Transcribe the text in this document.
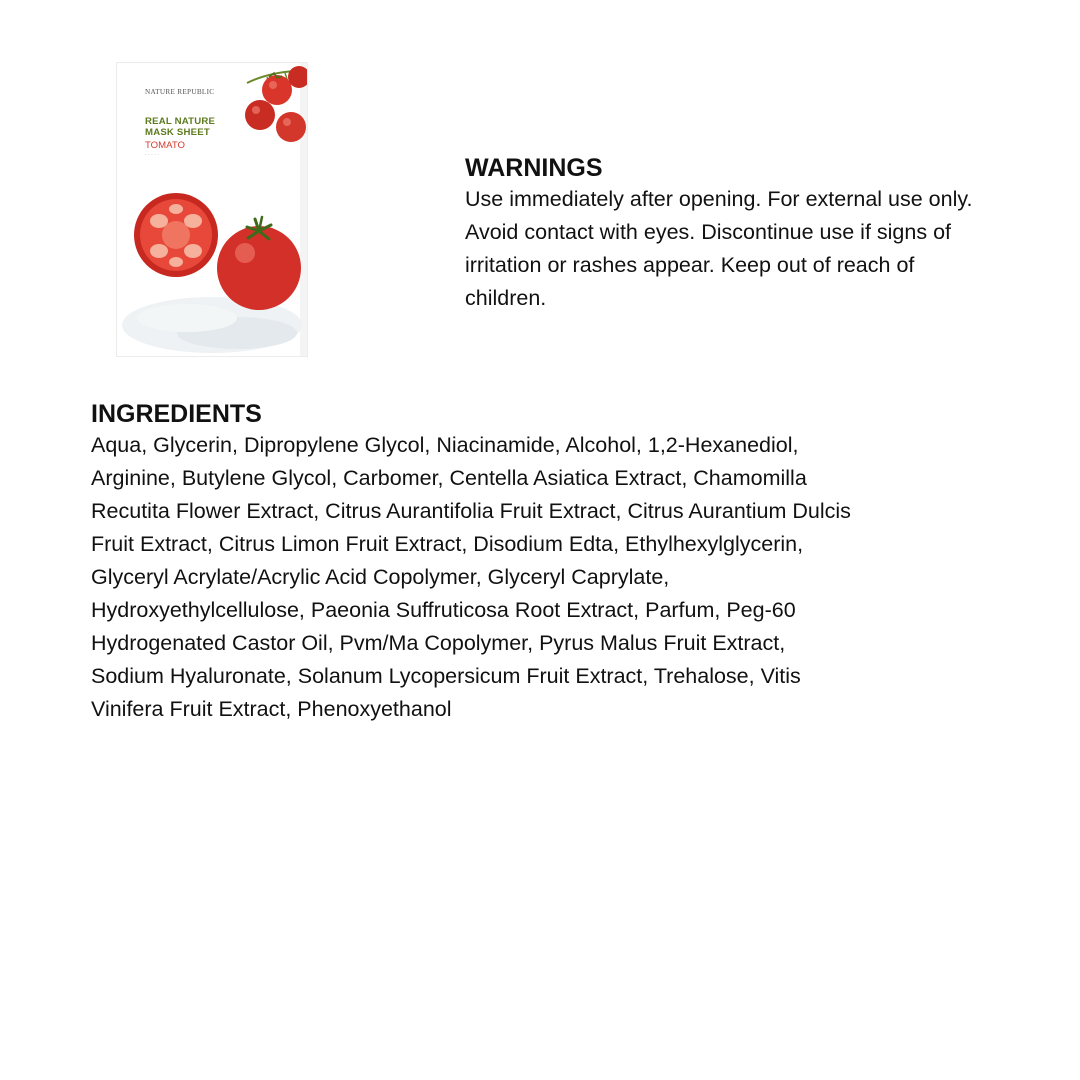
NATURE REPUBLIC
REAL NATURE
MASK SHEET
TOMATO
· · · · ·	WARNINGS

Use immediately after opening. For external use only.
Avoid contact with eyes. Discontinue use if signs of
irritation or rashes appear. Keep out of reach of
children.

INGREDIENTS

Aqua, Glycerin, Dipropylene Glycol, Niacinamide, Alcohol, 1,2-Hexanediol,
Arginine, Butylene Glycol, Carbomer, Centella Asiatica Extract, Chamomilla
Recutita Flower Extract, Citrus Aurantifolia Fruit Extract, Citrus Aurantium Dulcis
Fruit Extract, Citrus Limon Fruit Extract, Disodium Edta, Ethylhexylglycerin,
Glyceryl Acrylate/Acrylic Acid Copolymer, Glyceryl Caprylate,
Hydroxyethylcellulose, Paeonia Suffruticosa Root Extract, Parfum, Peg-60
Hydrogenated Castor Oil, Pvm/Ma Copolymer, Pyrus Malus Fruit Extract,
Sodium Hyaluronate, Solanum Lycopersicum Fruit Extract, Trehalose, Vitis
Vinifera Fruit Extract, Phenoxyethanol
